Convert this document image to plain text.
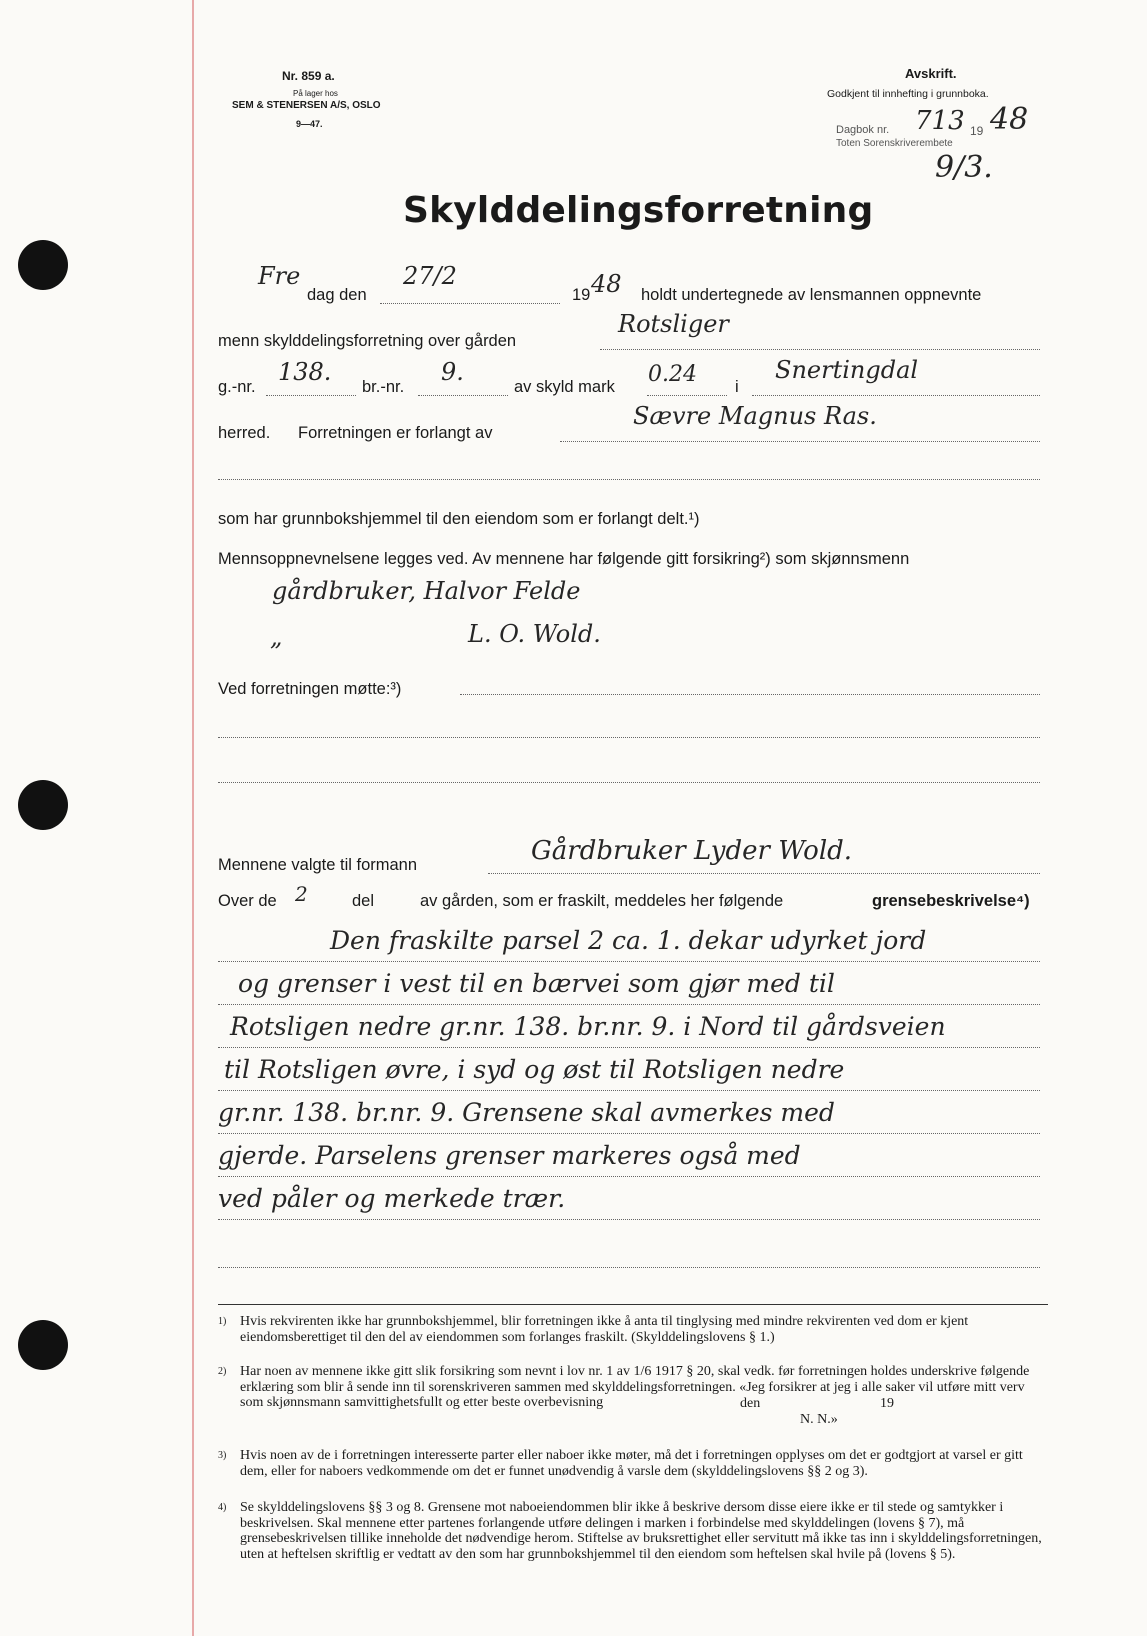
Nr. 859 a.
På lager hos
SEM & STENERSEN A/S, OSLO
9—47.
Avskrift.
Godkjent til innhefting i grunnboka.
Dagbok nr. 713 19 48
Toten Sorenskriverembete
9/3.
Skylddelingsforretning
Fre
dag den
27/2
19 48 holdt undertegnede av lensmannen oppnevnte
menn skylddelingsforretning over gården
Rotsliger
g.-nr.
138.
br.-nr.
9.
av skyld mark 0.24 i
Snertingdal
herred. Forretningen er forlangt av
Sævre Magnus Ras.
som har grunnbokshjemmel til den eiendom som er forlangt delt.¹)
Mennsoppnevnelsene legges ved. Av mennene har følgende gitt forsikring²) som skjønnsmenn
gårdbruker, Halvor Felde
„	L. O. Wold.
Ved forretningen møtte:³)
Mennene valgte til formann	Gårdbruker Lyder Wold.
Over de 2	del	av gården, som er fraskilt, meddeles her følgende	grensebeskrivelse⁴)
Den fraskilte parsel 2 ca. 1. dekar udyrket jord
og grenser i vest til en bærvei som gjør med til
Rotsligen nedre gr.nr. 138. br.nr. 9. i Nord til gårdsveien
til Rotsligen øvre, i syd og øst til Rotsligen nedre
gr.nr. 138. br.nr. 9. Grensene skal avmerkes med
gjerde. Parselens grenser markeres også med
ved påler og merkede trær.
1) Hvis rekvirenten ikke har grunnbokshjemmel, blir forretningen ikke å anta til tinglysing med mindre rekvirenten ved dom er kjent eiendomsberettiget til den del av eiendommen som forlanges fraskilt. (Skylddelingslovens § 1.)
2) Har noen av mennene ikke gitt slik forsikring som nevnt i lov nr. 1 av 1/6 1917 § 20, skal vedk. før forretningen holdes underskrive følgende erklæring som blir å sende inn til sorenskriveren sammen med skylddelingsforretningen. «Jeg forsikrer at jeg i alle saker vil utføre mitt verv som skjønnsmann samvittighetsfullt og etter beste overbevisning	den	19
N. N.»
3) Hvis noen av de i forretningen interesserte parter eller naboer ikke møter, må det i forretningen opplyses om det er godtgjort at varsel er gitt dem, eller for naboers vedkommende om det er funnet unødvendig å varsle dem (skylddelingslovens §§ 2 og 3).
4) Se skylddelingslovens §§ 3 og 8. Grensene mot naboeiendommen blir ikke å beskrive dersom disse eiere ikke er til stede og samtykker i beskrivelsen. Skal mennene etter partenes forlangende utføre delingen i marken i forbindelse med skylddelingen (lovens § 7), må grensebeskrivelsen tillike inneholde det nødvendige herom. Stiftelse av bruksrettighet eller servitutt må ikke tas inn i skylddelingsforretningen, uten at heftelsen skriftlig er vedtatt av den som har grunnbokshjemmel til den eiendom som heftelsen skal hvile på (lovens § 5).
